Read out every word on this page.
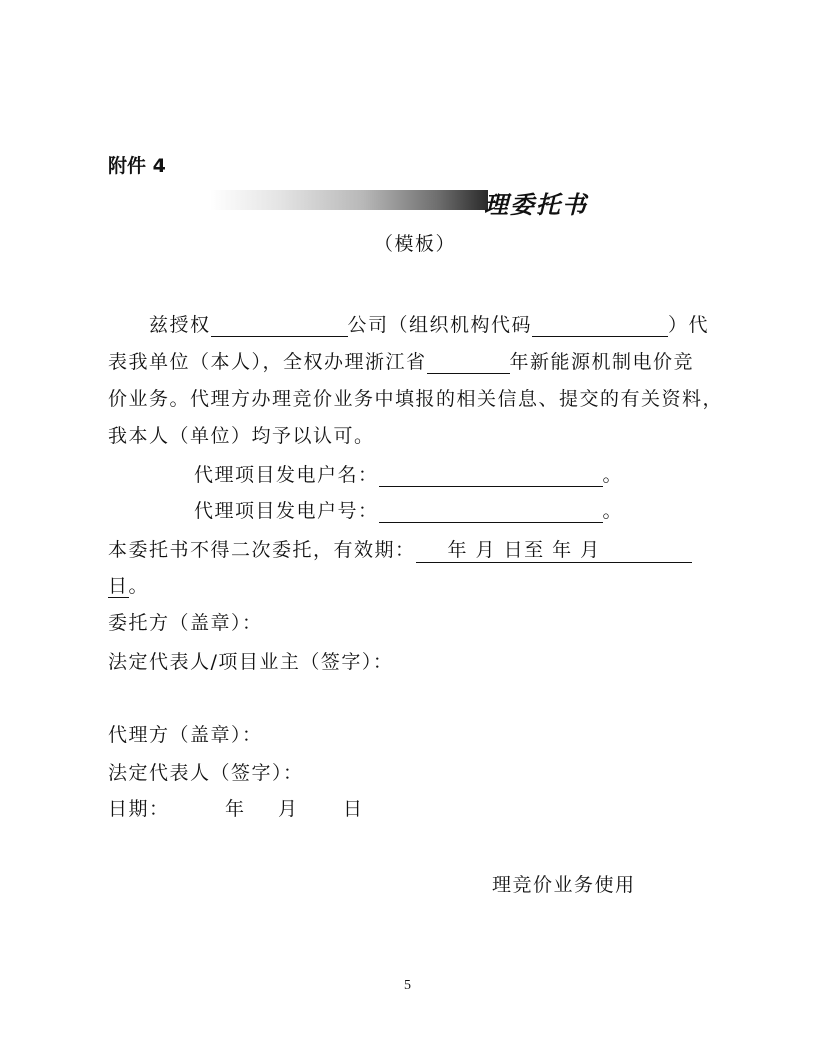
附件 4
理委托书
（模板）
兹授权	公司（组织机构代码	）代
表我单位（本人），全权办理浙江省	年新能源机制电价竞
价业务。代理方办理竞价业务中填报的相关信息、提交的有关资料，
我本人（单位）均予以认可。
代理项目发电户名：	。
代理项目发电户号：	。
本委托书不得二次委托，有效期： 年 月 日至 年 月
日。
委托方（盖章）：
法定代表人/项目业主（签字）：
代理方（盖章）：
法定代表人（签字）：
日期：	年 月 日
理竞价业务使用
5
